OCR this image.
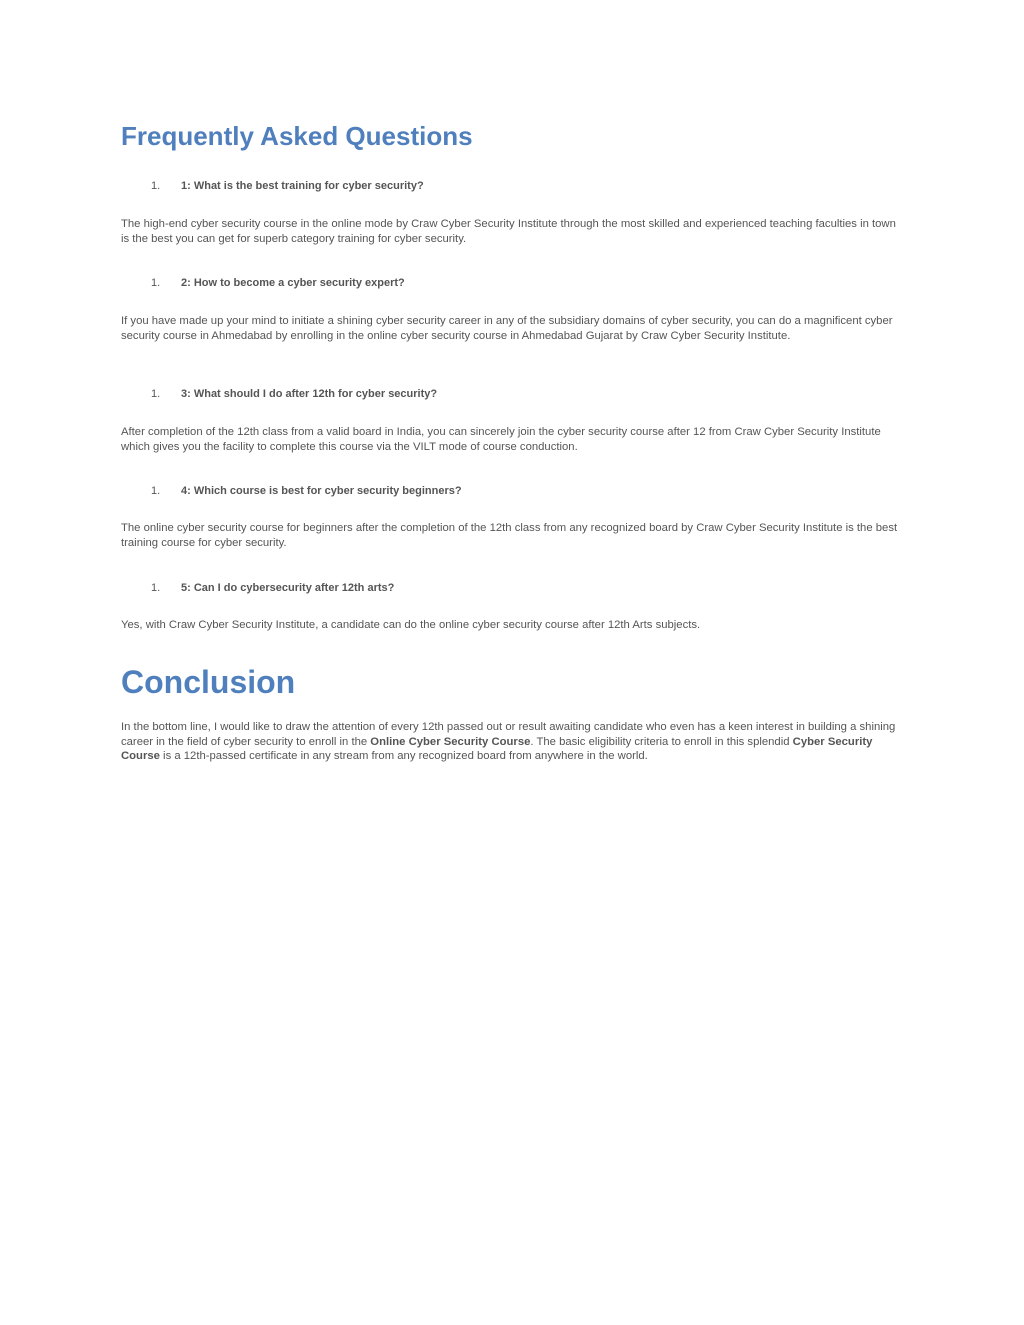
Frequently Asked Questions
1. 1: What is the best training for cyber security?

The high-end cyber security course in the online mode by Craw Cyber Security Institute through the most skilled and experienced teaching faculties in town is the best you can get for superb category training for cyber security.

1. 2: How to become a cyber security expert?

If you have made up your mind to initiate a shining cyber security career in any of the subsidiary domains of cyber security, you can do a magnificent cyber security course in Ahmedabad by enrolling in the online cyber security course in Ahmedabad Gujarat by Craw Cyber Security Institute.

1. 3: What should I do after 12th for cyber security?

After completion of the 12th class from a valid board in India, you can sincerely join the cyber security course after 12 from Craw Cyber Security Institute which gives you the facility to complete this course via the VILT mode of course conduction.

1. 4: Which course is best for cyber security beginners?

The online cyber security course for beginners after the completion of the 12th class from any recognized board by Craw Cyber Security Institute is the best training course for cyber security.

1. 5: Can I do cybersecurity after 12th arts?

Yes, with Craw Cyber Security Institute, a candidate can do the online cyber security course after 12th Arts subjects.

Conclusion

In the bottom line, I would like to draw the attention of every 12th passed out or result awaiting candidate who even has a keen interest in building a shining career in the field of cyber security to enroll in the Online Cyber Security Course. The basic eligibility criteria to enroll in this splendid Cyber Security Course is a 12th-passed certificate in any stream from any recognized board from anywhere in the world.
